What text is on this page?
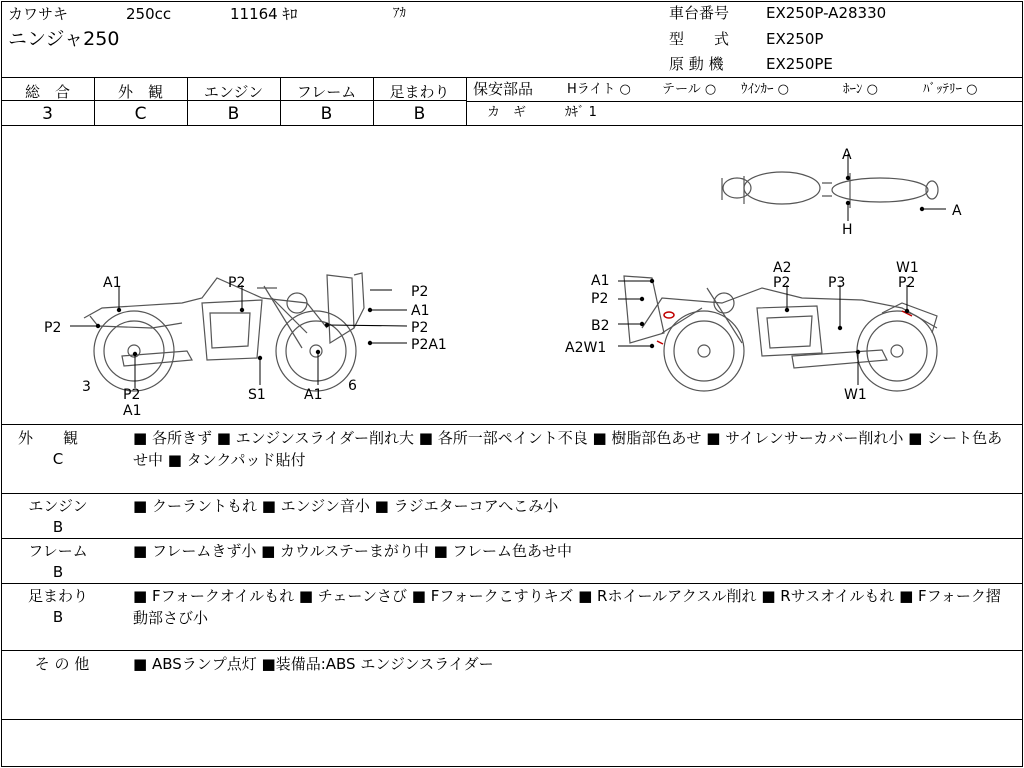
カワサキ	250cc	11164 ｷﾛ	ｱｶ
ニンジャ250
車台番号 EX250P-A28330
型　　式 EX250P
原 動 機	EX250PE
総　合	外　観	エンジン	フレーム	足まわり
3	C	B	B	B
保安部品	Hライト ○ テール ○ ｳｲﾝｶｰ ○	ﾎｰﾝ ○	ﾊﾞｯﾃﾘｰ ○
カ　ギ	ｶｷﾞ 1
A1
P2
P2
A1
P2
P2A1
P2
3 P2
A1
S1	A1
6
A
A
H
A1
P2
B2
A2W1
A2
P2	P3
W1
P2
W1
外　　観
C
■ 各所きず ■ エンジンスライダー削れ大 ■ 各所一部ペイント不良 ■ 樹脂部色あせ ■ サイレンサーカバー削れ小 ■ シート色あせ中 ■ タンクパッド貼付
エンジン
B
■ クーラントもれ ■ エンジン音小 ■ ラジエターコアへこみ小
フレーム
B
■ フレームきず小 ■ カウルステーまがり中 ■ フレーム色あせ中
足まわり
B
■ Fフォークオイルもれ ■ チェーンさび ■ Fフォークこすりキズ ■ Rホイールアクスル削れ ■ Rサスオイルもれ ■ Fフォーク摺動部さび小
そ の 他	■ ABSランプ点灯 ■装備品:ABS エンジンスライダー
